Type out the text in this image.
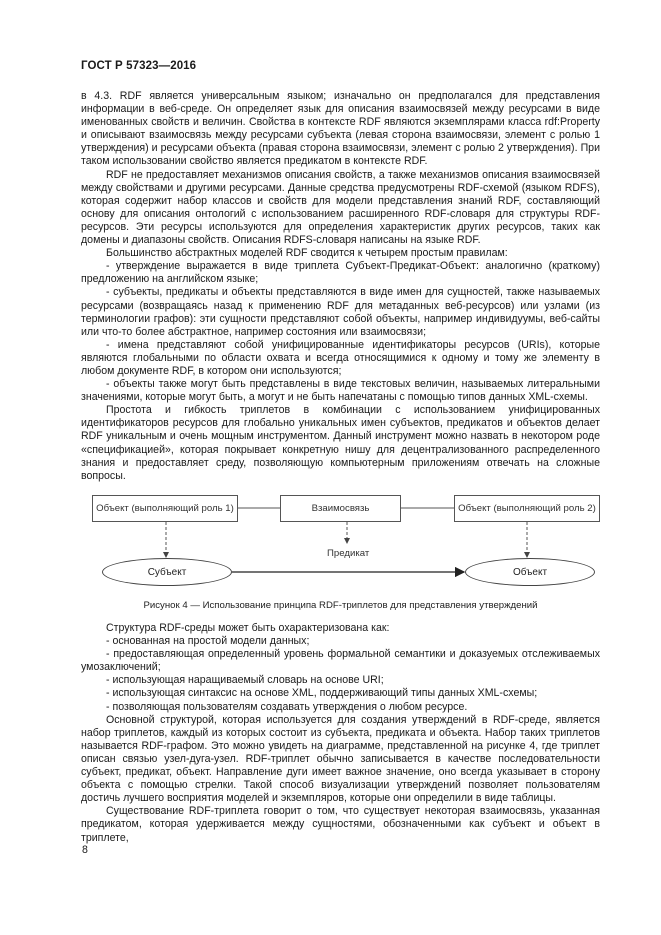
ГОСТ Р 57323—2016

в 4.3. RDF является универсальным языком; изначально он предполагался для представления информации в веб-среде. Он определяет язык для описания взаимосвязей между ресурсами в виде именованных свойств и величин. Свойства в контексте RDF являются экземплярами класса rdf:Property и описывают взаимосвязь между ресурсами субъекта (левая сторона взаимосвязи, элемент с ролью 1 утверждения) и ресурсами объекта (правая сторона взаимосвязи, элемент с ролью 2 утверждения). При таком использовании свойство является предикатом в контексте RDF.

RDF не предоставляет механизмов описания свойств, а также механизмов описания взаимосвязей между свойствами и другими ресурсами. Данные средства предусмотрены RDF-схемой (языком RDFS), которая содержит набор классов и свойств для модели представления знаний RDF, составляющий основу для описания онтологий с использованием расширенного RDF-словаря для структуры RDF-ресурсов. Эти ресурсы используются для определения характеристик других ресурсов, таких как домены и диапазоны свойств. Описания RDFS-словаря написаны на языке RDF.

Большинство абстрактных моделей RDF сводится к четырем простым правилам:

- утверждение выражается в виде триплета Субъект-Предикат-Объект: аналогично (краткому) предложению на английском языке;

- субъекты, предикаты и объекты представляются в виде имен для сущностей, также называемых ресурсами (возвращаясь назад к применению RDF для метаданных веб-ресурсов) или узлами (из терминологии графов): эти сущности представляют собой объекты, например индивидуумы, веб-сайты или что-то более абстрактное, например состояния или взаимосвязи;

- имена представляют собой унифицированные идентификаторы ресурсов (URIs), которые являются глобальными по области охвата и всегда относящимися к одному и тому же элементу в любом документе RDF, в котором они используются;

- объекты также могут быть представлены в виде текстовых величин, называемых литеральными значениями, которые могут быть, а могут и не быть напечатаны с помощью типов данных XML-схемы.

Простота и гибкость триплетов в комбинации с использованием унифицированных идентификаторов ресурсов для глобально уникальных имен субъектов, предикатов и объектов делает RDF уникальным и очень мощным инструментом. Данный инструмент можно назвать в некотором роде «спецификацией», которая покрывает конкретную нишу для децентрализованного распределенного знания и предоставляет среду, позволяющую компьютерным приложениям отвечать на сложные вопросы.

Объект (выполняющий роль 1)	Взаимосвязь	Объект (выполняющий роль 2)
Предикат
Субъект	Объект
Рисунок 4 — Использование принципа RDF-триплетов для представления утверждений

Структура RDF-среды может быть охарактеризована как:

- основанная на простой модели данных;

- предоставляющая определенный уровень формальной семантики и доказуемых отслеживаемых умозаключений;

- использующая наращиваемый словарь на основе URI;

- использующая синтаксис на основе XML, поддерживающий типы данных XML-схемы;

- позволяющая пользователям создавать утверждения о любом ресурсе.

Основной структурой, которая используется для создания утверждений в RDF-среде, является набор триплетов, каждый из которых состоит из субъекта, предиката и объекта. Набор таких триплетов называется RDF-графом. Это можно увидеть на диаграмме, представленной на рисунке 4, где триплет описан связью узел-дуга-узел. RDF-триплет обычно записывается в качестве последовательности субъект, предикат, объект. Направление дуги имеет важное значение, оно всегда указывает в сторону объекта с помощью стрелки. Такой способ визуализации утверждений позволяет пользователям достичь лучшего восприятия моделей и экземпляров, которые они определили в виде таблицы.

Существование RDF-триплета говорит о том, что существует некоторая взаимосвязь, указанная предикатом, которая удерживается между сущностями, обозначенными как субъект и объект в триплете,

8
